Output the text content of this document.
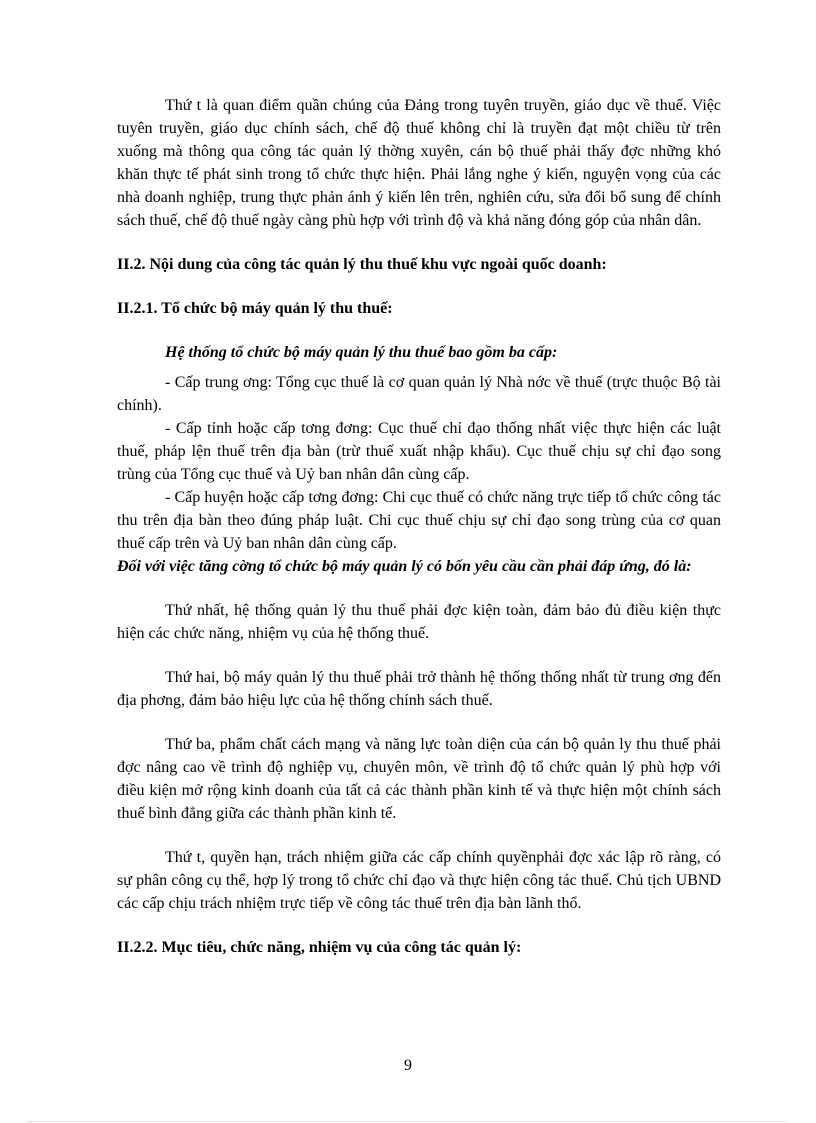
Thứ t là quan điểm quần chúng của Đảng trong tuyên truyền, giáo dục về thuế. Việc tuyên truyền, giáo dục chính sách, chế độ thuế không chỉ là truyền đạt một chiều từ trên xuống mà thông qua công tác quản lý thờng xuyên, cán bộ thuế phải thấy đợc những khó khăn thực tế phát sinh trong tổ chức thực hiện. Phải lắng nghe ý kiến, nguyện vọng của các nhà doanh nghiệp, trung thực phản ánh ý kiến lên trên, nghiên cứu, sửa đổi bổ sung để chính sách thuế, chế độ thuế ngày càng phù hợp với trình độ và khả năng đóng góp của nhân dân.

II.2. Nội dung của công tác quản lý thu thuế khu vực ngoài quốc doanh:

II.2.1. Tổ chức bộ máy quản lý thu thuế:

Hệ thống tổ chức bộ máy quản lý thu thuế bao gồm ba cấp:

- Cấp trung ơng: Tổng cục thuế là cơ quan quản lý Nhà nớc về thuế (trực thuộc Bộ tài chính).

- Cấp tỉnh hoặc cấp tơng đơng: Cục thuế chỉ đạo thống nhất việc thực hiện các luật thuế, pháp lện thuế trên địa bàn (trừ thuế xuất nhập khẩu). Cục thuế chịu sự chỉ đạo song trùng của Tổng cục thuế và Uỷ ban nhân dân cùng cấp.

- Cấp huyện hoặc cấp tơng đơng: Chi cục thuế có chức năng trực tiếp tổ chức công tác thu trên địa bàn theo đúng pháp luật. Chi cục thuế chịu sự chỉ đạo song trùng của cơ quan thuế cấp trên và Uỷ ban nhân dân cùng cấp.

Đối với việc tăng cờng tổ chức bộ máy quản lý có bốn yêu cầu cần phải đáp ứng, đó là:

Thứ nhất, hệ thống quản lý thu thuế phải đợc kiện toàn, đảm bảo đủ điều kiện thực hiện các chức năng, nhiệm vụ của hệ thống thuế.

Thứ hai, bộ máy quản lý thu thuế phải trở thành hệ thống thống nhất từ trung ơng đến địa phơng, đảm bảo hiệu lực của hệ thống chính sách thuế.

Thứ ba, phẩm chất cách mạng và năng lực toàn diện của cán bộ quản ly thu thuế phải đợc nâng cao về trình độ nghiệp vụ, chuyên môn, về trình độ tổ chức quản lý phù hợp với điều kiện mở rộng kinh doanh của tất cả các thành phần kinh tế và thực hiện một chính sách thuế bình đẳng giữa các thành phần kinh tế.

Thứ t, quyền hạn, trách nhiệm giữa các cấp chính quyềnphải đợc xác lập rõ ràng, có sự phân công cụ thể, hợp lý trong tổ chức chỉ đạo và thực hiện công tác thuế. Chủ tịch UBND các cấp chịu trách nhiệm trực tiếp về công tác thuế trên địa bàn lãnh thổ.

II.2.2. Mục tiêu, chức năng, nhiệm vụ của công tác quản lý:

9
